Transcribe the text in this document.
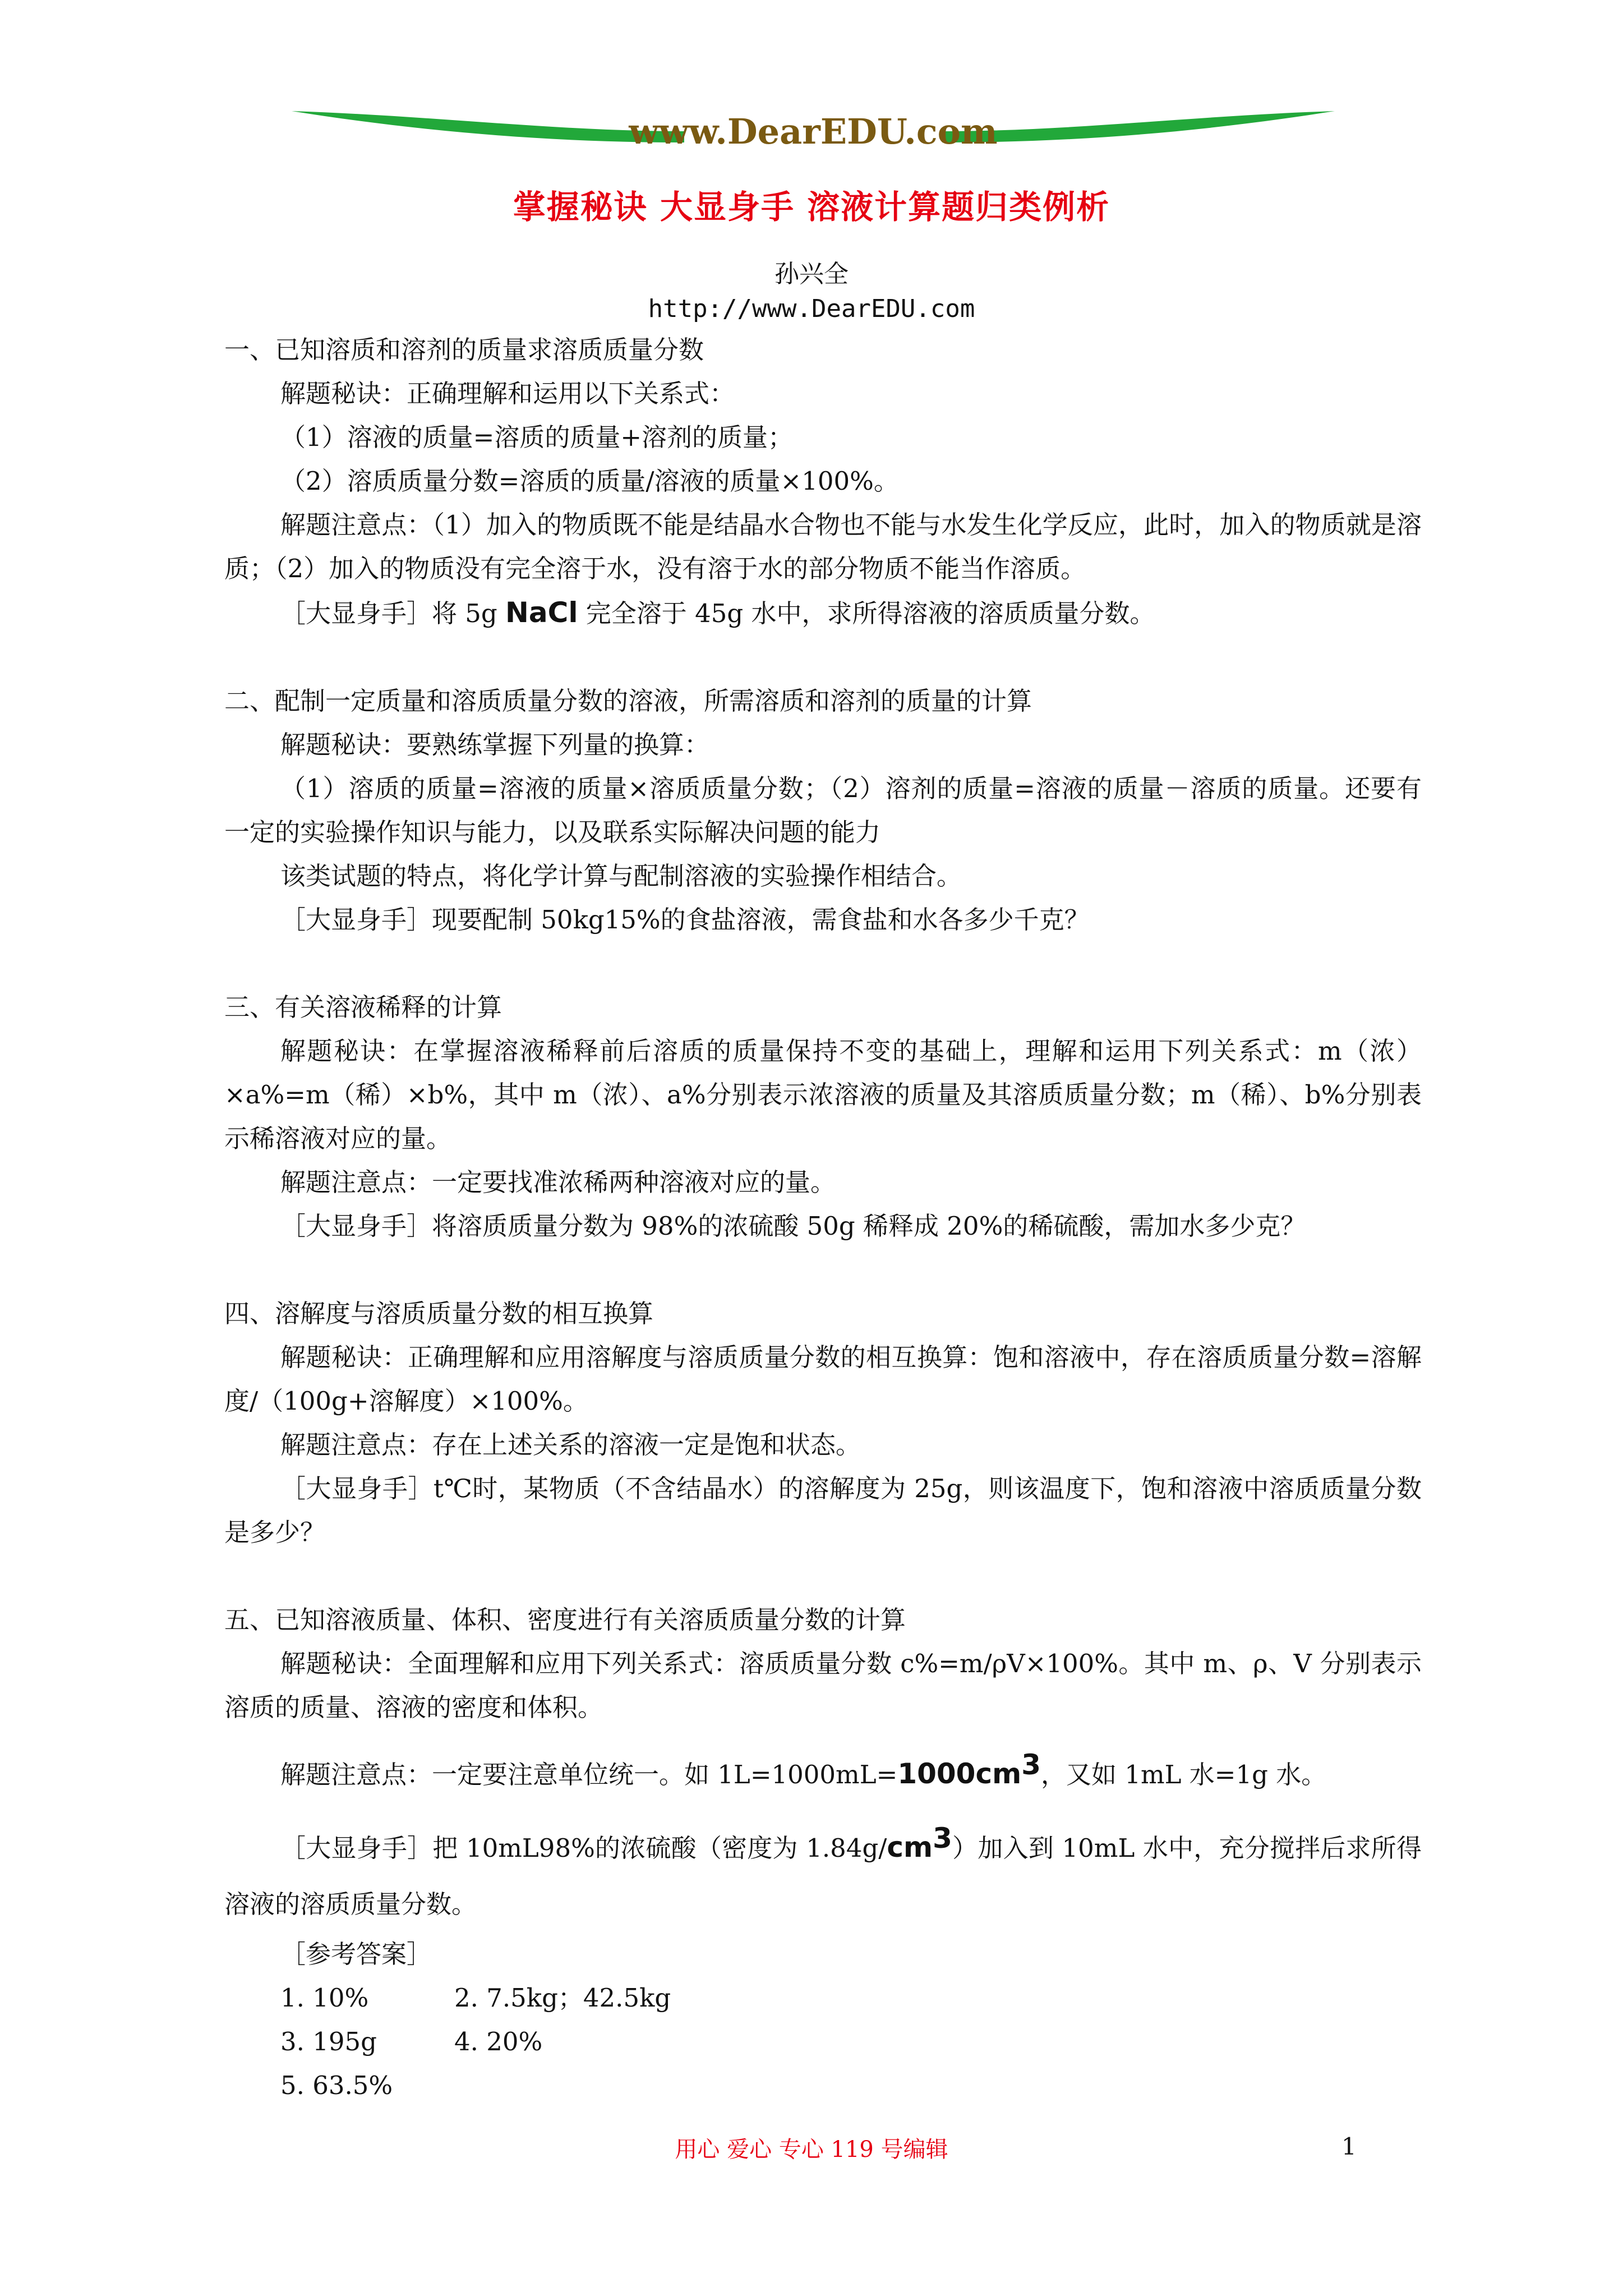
www.DearEDU.com
掌握秘诀 大显身手 溶液计算题归类例析
孙兴全
http://www.DearEDU.com

一、已知溶质和溶剂的质量求溶质质量分数

解题秘诀：正确理解和运用以下关系式：

（1）溶液的质量=溶质的质量+溶剂的质量；

（2）溶质质量分数=溶质的质量/溶液的质量×100%。

解题注意点：（1）加入的物质既不能是结晶水合物也不能与水发生化学反应，此时，加入的物质就是溶质；（2）加入的物质没有完全溶于水，没有溶于水的部分物质不能当作溶质。

［大显身手］将 5g NaCl 完全溶于 45g 水中，求所得溶液的溶质质量分数。

二、配制一定质量和溶质质量分数的溶液，所需溶质和溶剂的质量的计算

解题秘诀：要熟练掌握下列量的换算：

（1）溶质的质量=溶液的质量×溶质质量分数；（2）溶剂的质量=溶液的质量－溶质的质量。还要有一定的实验操作知识与能力，以及联系实际解决问题的能力

该类试题的特点，将化学计算与配制溶液的实验操作相结合。

［大显身手］现要配制 50kg15%的食盐溶液，需食盐和水各多少千克？

三、有关溶液稀释的计算

解题秘诀：在掌握溶液稀释前后溶质的质量保持不变的基础上，理解和运用下列关系式：m（浓）×a%=m（稀）×b%，其中 m（浓）、a%分别表示浓溶液的质量及其溶质质量分数；m（稀）、b%分别表示稀溶液对应的量。

解题注意点：一定要找准浓稀两种溶液对应的量。

［大显身手］将溶质质量分数为 98%的浓硫酸 50g 稀释成 20%的稀硫酸，需加水多少克？

四、溶解度与溶质质量分数的相互换算

解题秘诀：正确理解和应用溶解度与溶质质量分数的相互换算：饱和溶液中，存在溶质质量分数=溶解度/（100g+溶解度）×100%。

解题注意点：存在上述关系的溶液一定是饱和状态。

［大显身手］t℃时，某物质（不含结晶水）的溶解度为 25g，则该温度下，饱和溶液中溶质质量分数是多少？

五、已知溶液质量、体积、密度进行有关溶质质量分数的计算

解题秘诀：全面理解和应用下列关系式：溶质质量分数 c%=m/ρV×100%。其中 m、ρ、V 分别表示溶质的质量、溶液的密度和体积。

解题注意点：一定要注意单位统一。如 $1L=1000mL=1000cm^3$，又如 1mL 水=1g 水。

［大显身手］把 10mL98%的浓硫酸（密度为 $1.84g/cm^3$）加入到 10mL 水中，充分搅拌后求所得溶液的溶质质量分数。

［参考答案］

1. 10%	2. 7.5kg；42.5kg
3. 195g	4. 20%
5. 63.5%
用心 爱心 专心 119 号编辑	1
